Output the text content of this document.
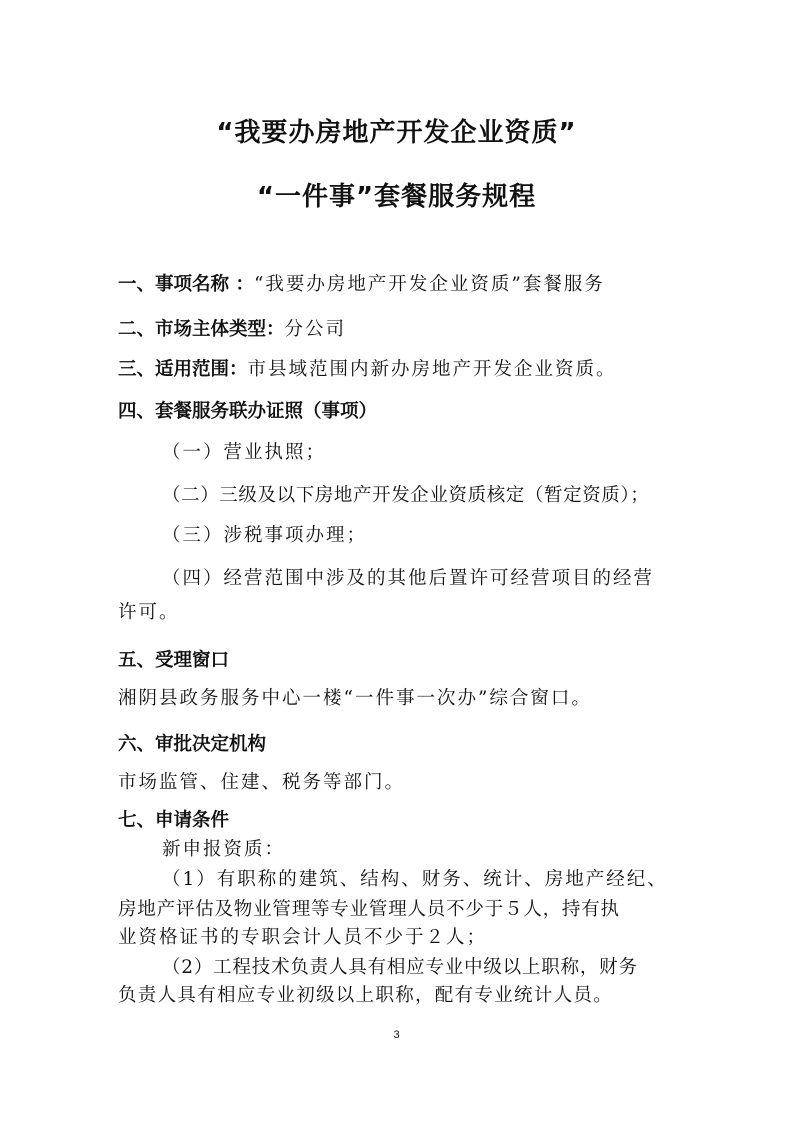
“我要办房地产开发企业资质”
“一件事”套餐服务规程

一、事项名称 ：“我要办房地产开发企业资质”套餐服务

二、市场主体类型：分公司

三、适用范围：市县域范围内新办房地产开发企业资质。

四、套餐服务联办证照（事项）

（一）营业执照；

（二）三级及以下房地产开发企业资质核定（暂定资质）；

（三）涉税事项办理；

（四）经营范围中涉及的其他后置许可经营项目的经营

许可。

五、受理窗口

湘阴县政务服务中心一楼“一件事一次办”综合窗口。

六、审批决定机构

市场监管、住建、税务等部门。

七、申请条件

新申报资质：

（1）有职称的建筑、结构、财务、统计、房地产经纪、

房地产评估及物业管理等专业管理人员不少于５人，持有执

业资格证书的专职会计人员不少于２人；

（2）工程技术负责人具有相应专业中级以上职称，财务

负责人具有相应专业初级以上职称，配有专业统计人员。

3
